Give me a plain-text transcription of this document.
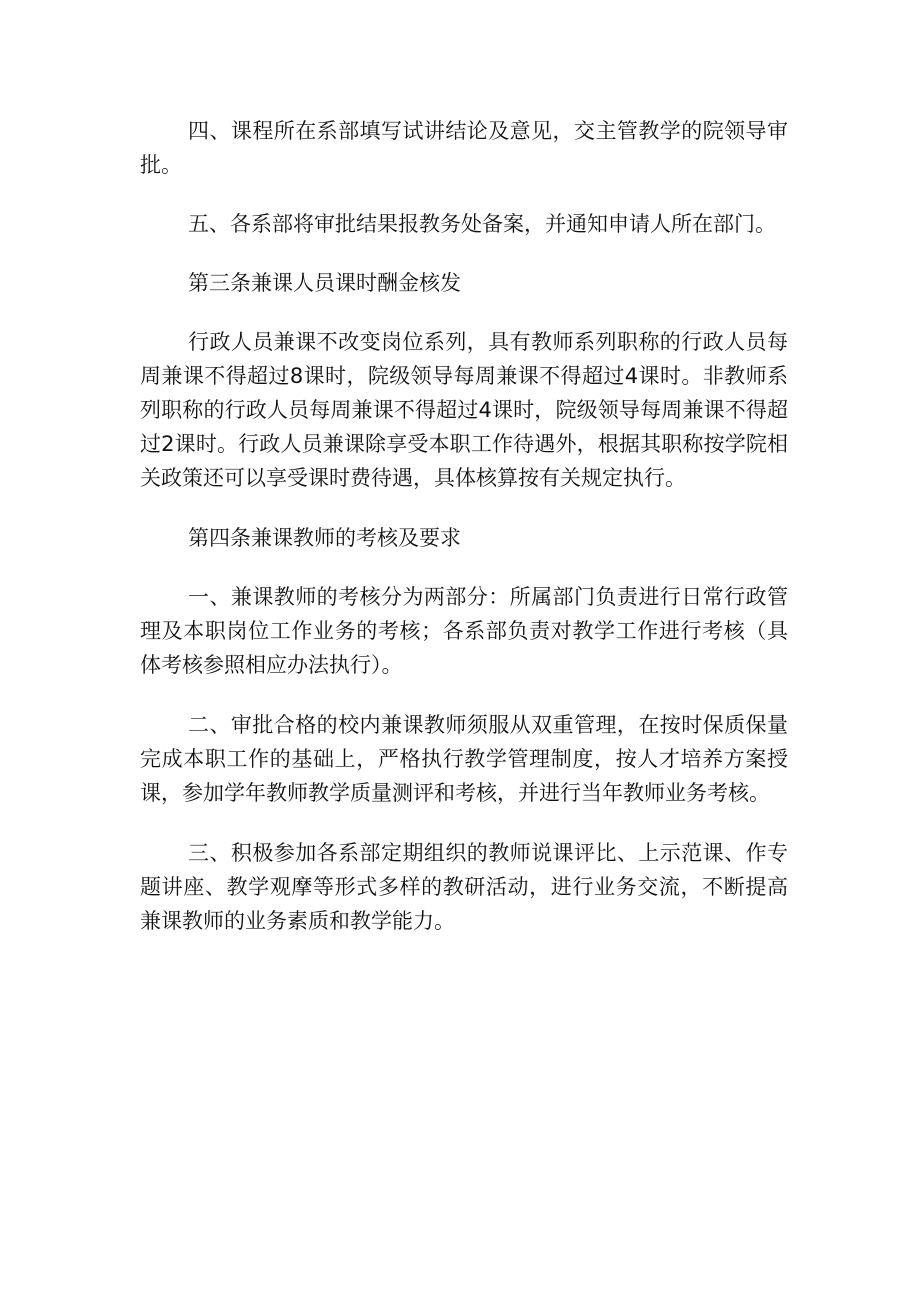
四、课程所在系部填写试讲结论及意见，交主管教学的院领导审批。

五、各系部将审批结果报教务处备案，并通知申请人所在部门。

第三条兼课人员课时酬金核发

行政人员兼课不改变岗位系列，具有教师系列职称的行政人员每周兼课不得超过8课时，院级领导每周兼课不得超过4课时。非教师系列职称的行政人员每周兼课不得超过4课时，院级领导每周兼课不得超过2课时。行政人员兼课除享受本职工作待遇外，根据其职称按学院相关政策还可以享受课时费待遇，具体核算按有关规定执行。

第四条兼课教师的考核及要求

一、兼课教师的考核分为两部分：所属部门负责进行日常行政管理及本职岗位工作业务的考核；各系部负责对教学工作进行考核（具体考核参照相应办法执行）。

二、审批合格的校内兼课教师须服从双重管理，在按时保质保量完成本职工作的基础上，严格执行教学管理制度，按人才培养方案授课，参加学年教师教学质量测评和考核，并进行当年教师业务考核。

三、积极参加各系部定期组织的教师说课评比、上示范课、作专题讲座、教学观摩等形式多样的教研活动，进行业务交流，不断提高兼课教师的业务素质和教学能力。
